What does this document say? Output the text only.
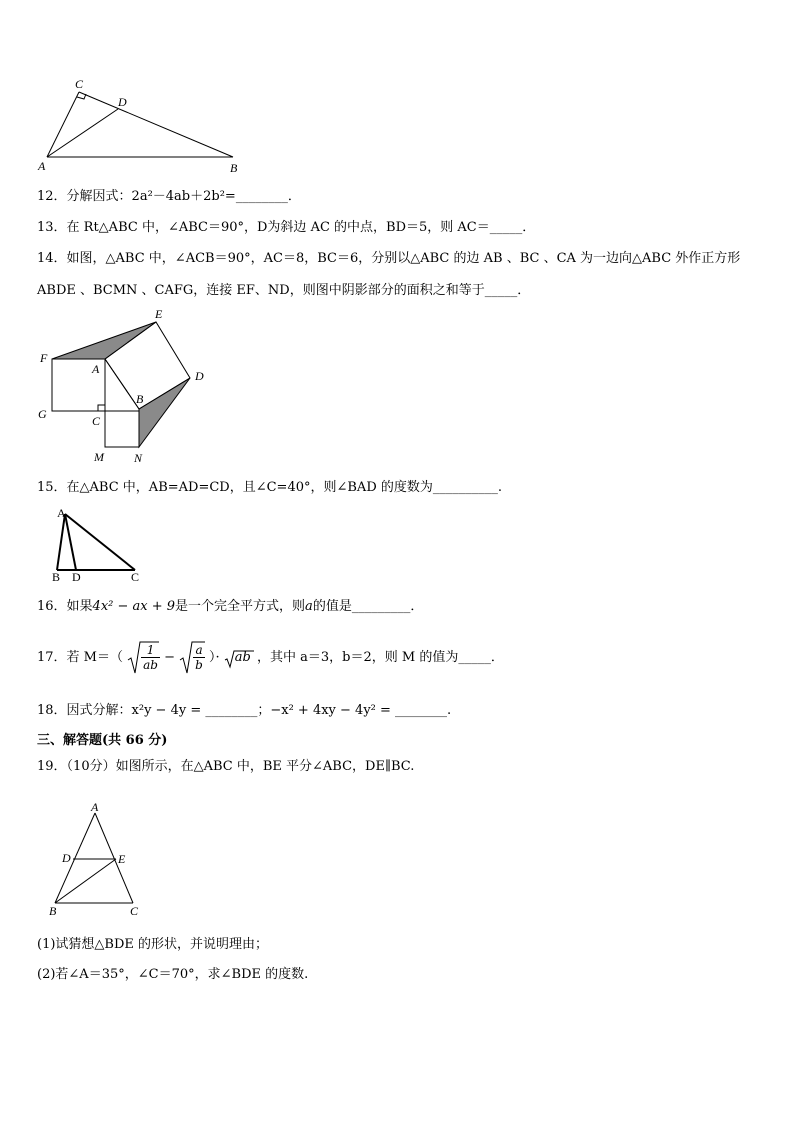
C
D
A	B
12．分解因式：2a²－4ab＋2b²=________．
13．在 Rt△ABC 中，∠ABC＝90°，D为斜边 AC 的中点，BD＝5，则 AC＝_____．
14．如图，△ABC 中，∠ACB＝90°，AC＝8，BC＝6，分别以△ABC 的边 AB 、BC 、CA 为一边向△ABC 外作正方形
ABDE 、BCMN 、CAFG，连接 EF、ND，则图中阴影部分的面积之和等于_____．
E
F
A	D
B
G	C
M	N
15．在△ABC 中，AB=AD=CD，且∠C=40°，则∠BAD 的度数为__________.
A
B D	C
16．如果4x² − ax + 9是一个完全平方式，则a的值是_________．
17．若 $M=( \frac{1}{ab} - \frac{a}{b}$ ）· ab ，其中 a＝3，b＝2，则 M 的值为_____．
18．因式分解：x²y − 4y = ________；−x² + 4xy − 4y² = ________.
三、解答题(共 66 分)
19．（10分）如图所示，在△ABC 中，BE 平分∠ABC，DE∥BC.
A
D	E
B	C
(1)试猜想△BDE 的形状，并说明理由；
(2)若∠A＝35°，∠C＝70°，求∠BDE 的度数.
